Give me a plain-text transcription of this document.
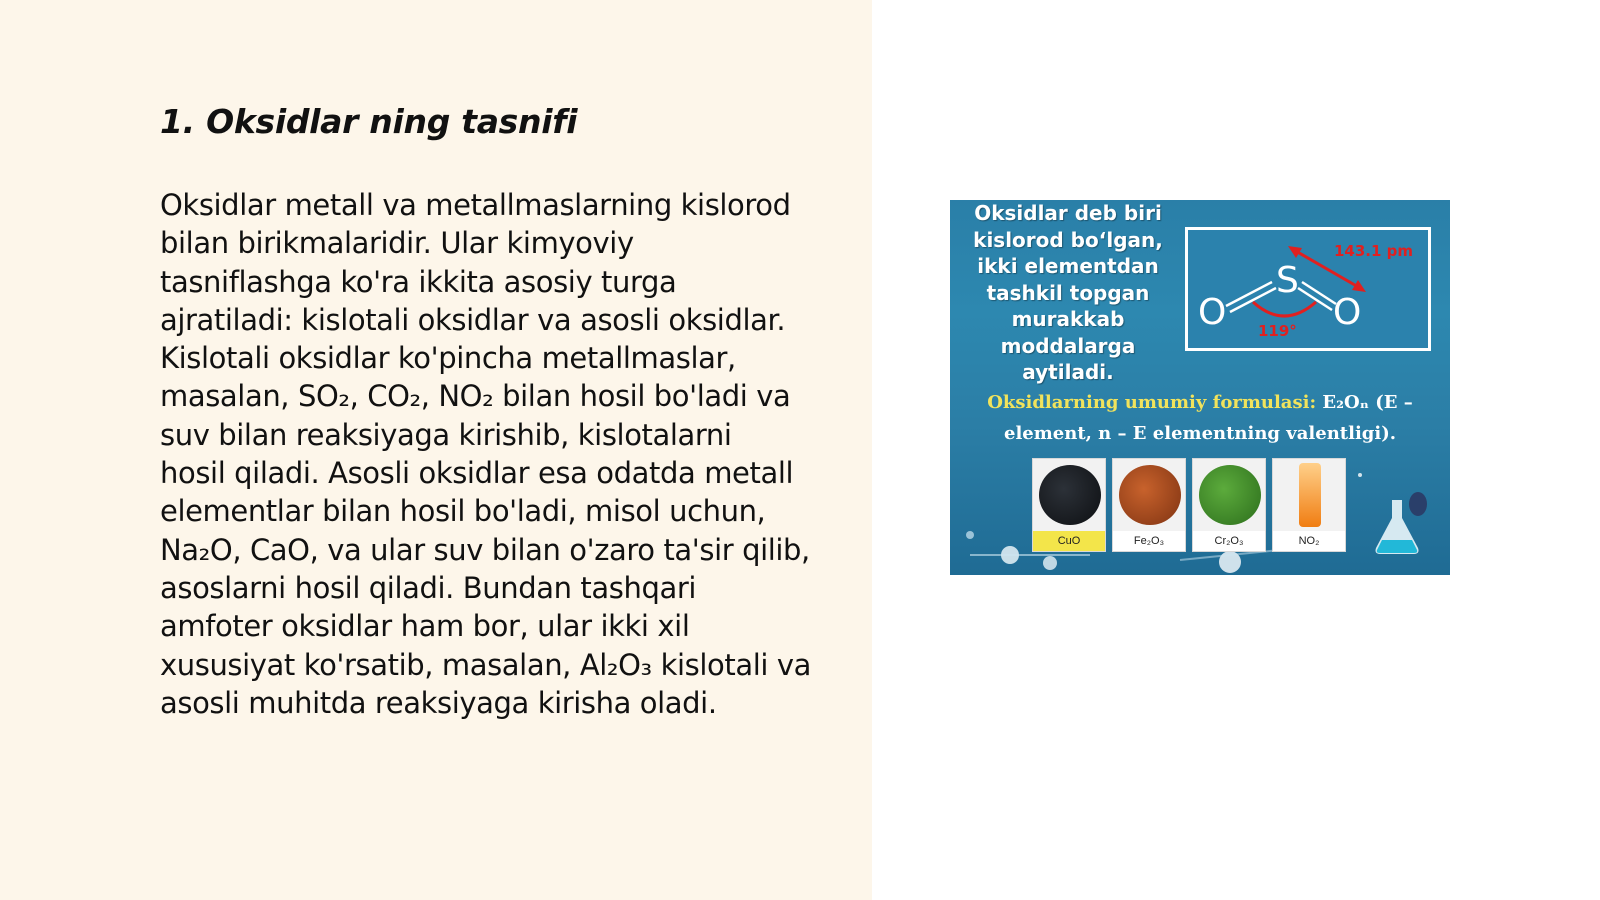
1. Oksidlar ning tasnifi
Oksidlar metall va metallmaslarning kislorod
bilan birikmalaridir. Ular kimyoviy
tasniflashga ko'ra ikkita asosiy turga
ajratiladi: kislotali oksidlar va asosli oksidlar.
Kislotali oksidlar ko'pincha metallmaslar,
masalan, SO₂, CO₂, NO₂ bilan hosil bo'ladi va
suv bilan reaksiyaga kirishib, kislotalarni
hosil qiladi. Asosli oksidlar esa odatda metall
elementlar bilan hosil bo'ladi, misol uchun,
Na₂O, CaO, va ular suv bilan o'zaro ta'sir qilib,
asoslarni hosil qiladi. Bundan tashqari
amfoter oksidlar ham bor, ular ikki xil
xususiyat ko'rsatib, masalan, Al₂O₃ kislotali va
asosli muhitda reaksiyaga kirisha oladi.
Oksidlar deb biri
kislorod bo‘lgan,
ikki elementdan
tashkil topgan
murakkab
moddalarga
aytiladi.
S
O	O
143.1 pm
119°
Oksidlarning umumiy formulasi: E₂Oₙ (E –
element, n – E elementning valentligi).
CuO	Fe₂O₃	Cr₂O₃	NO₂
